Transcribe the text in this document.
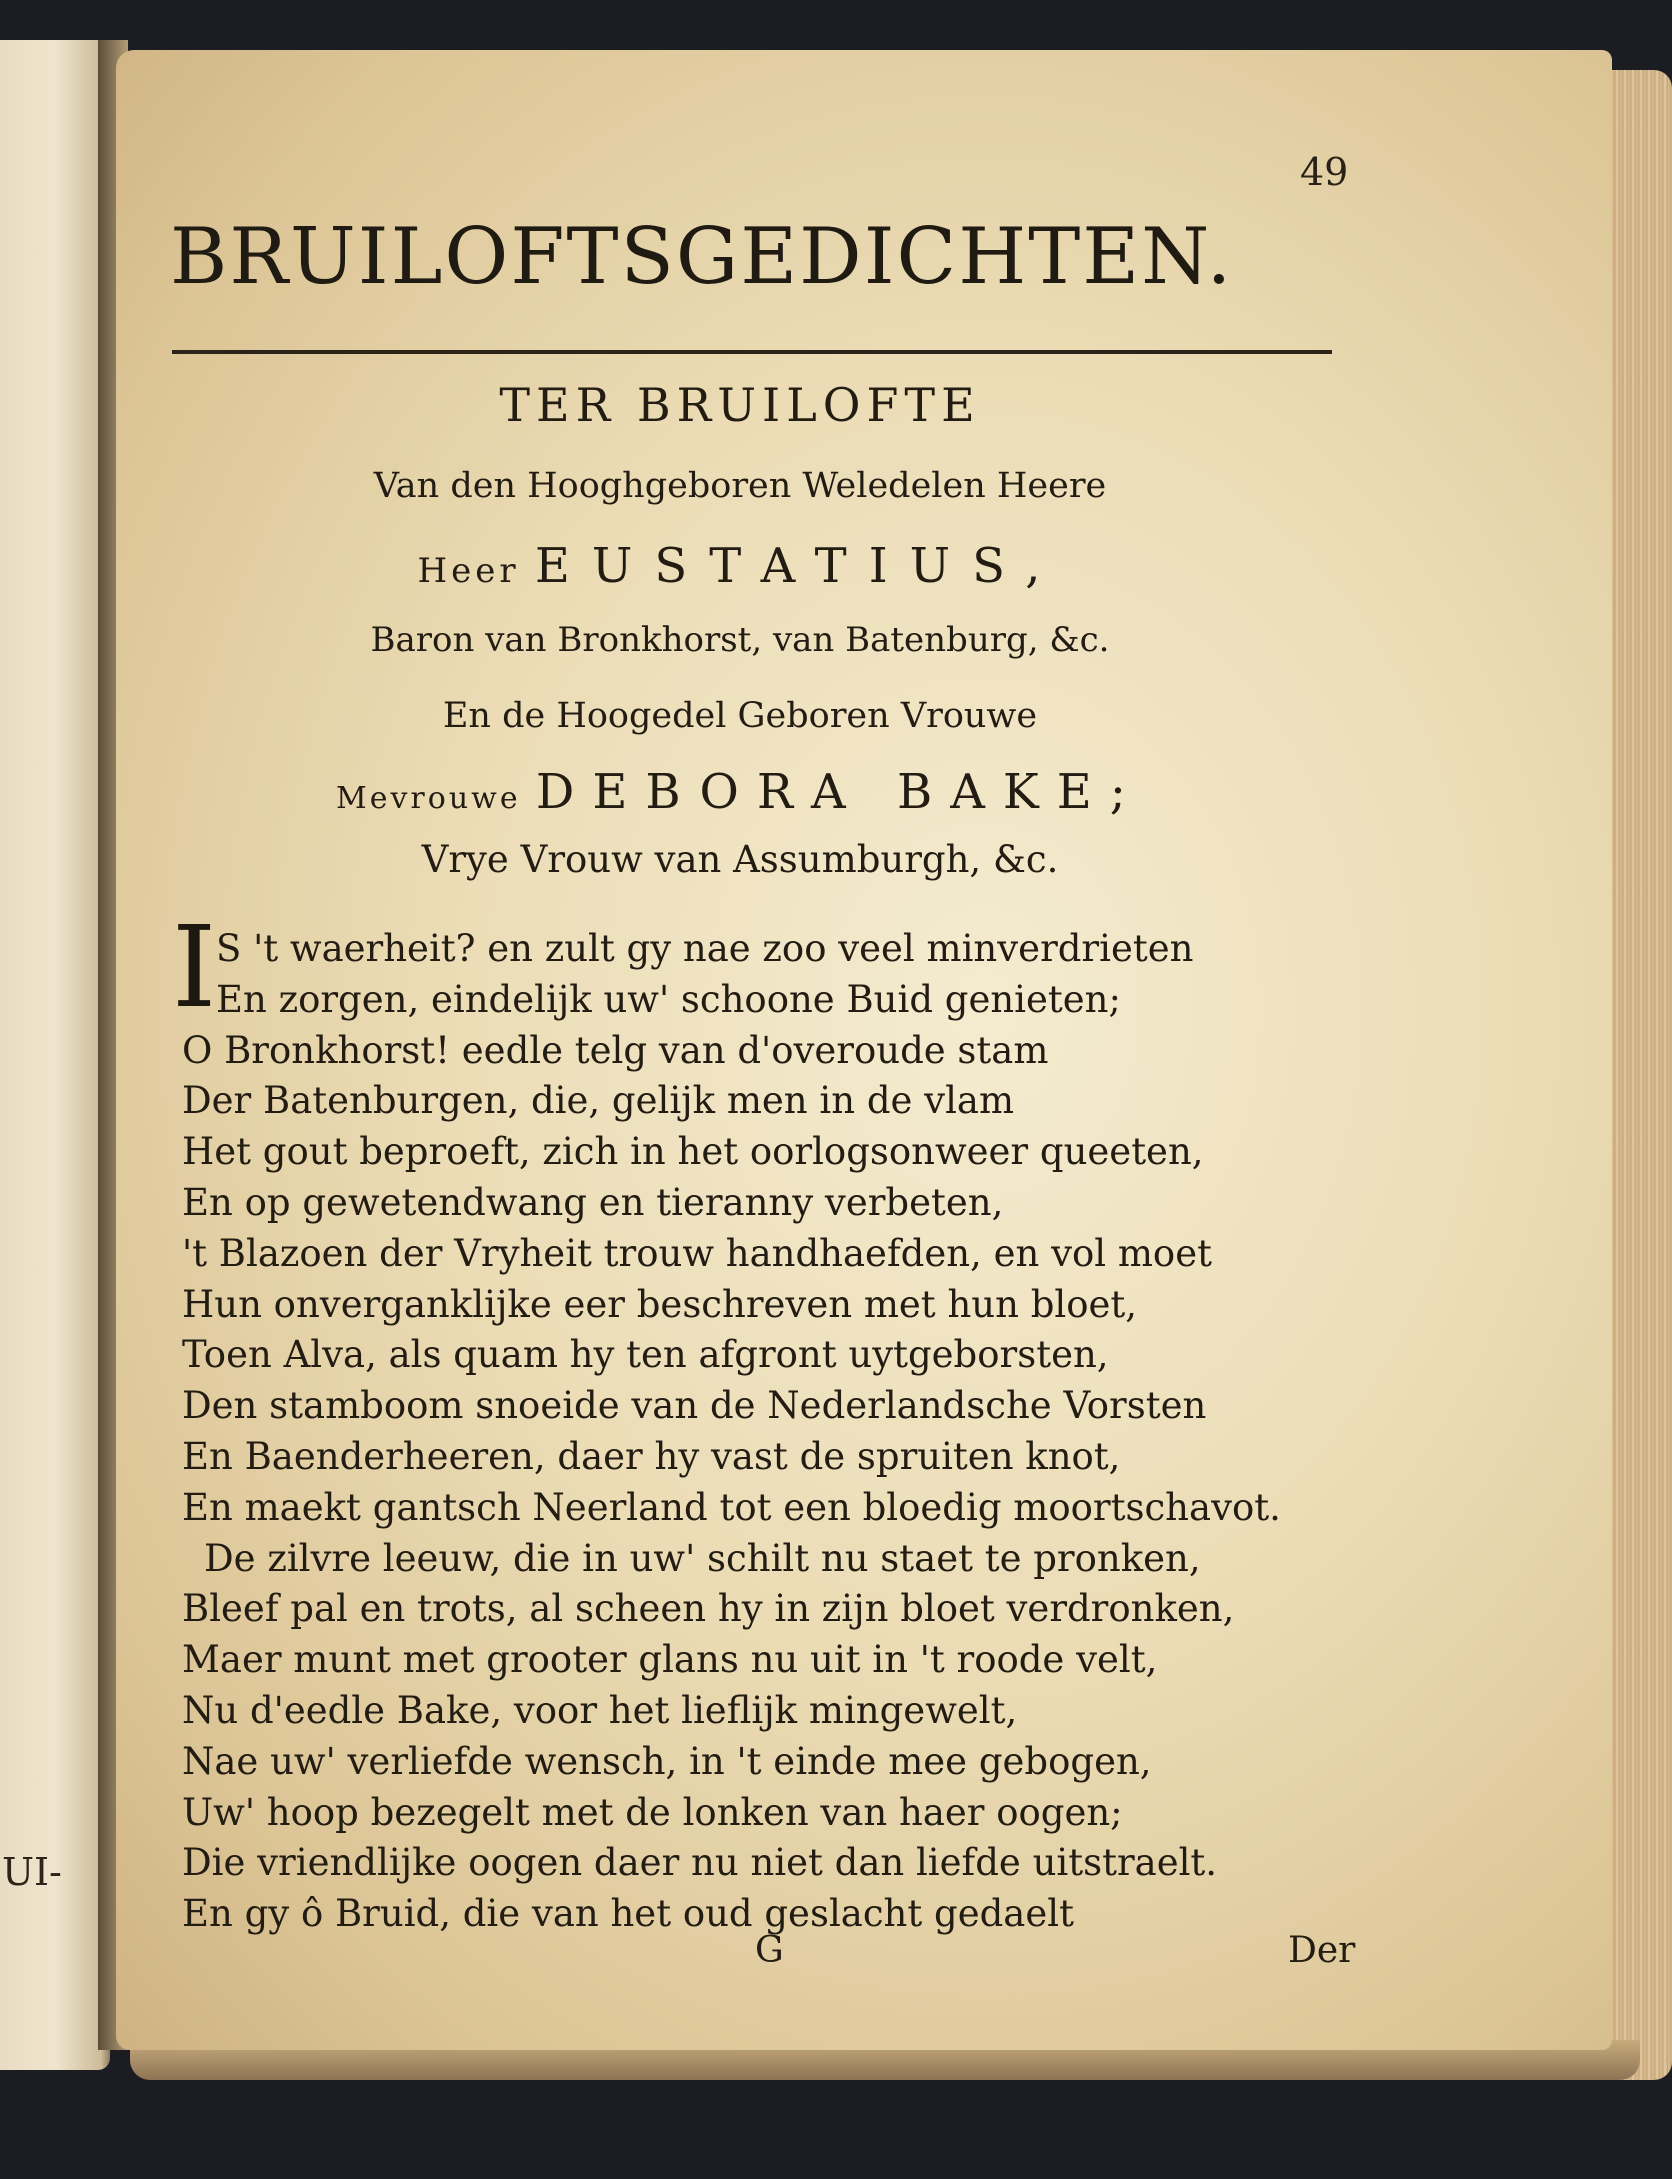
UI-
49
BRUILOFTSGEDICHTEN.
TER BRUILOFTE
Van den Hooghgeboren Weledelen Heere
Heer EUSTATIUS,
Baron van Bronkhorst, van Batenburg, &c.
En de Hoogedel Geboren Vrouwe
Mevrouwe DEBORA BAKE;
Vrye Vrouw van Assumburgh, &c.
I S 't waerheit? en zult gy nae zoo veel minverdrieten
En zorgen, eindelijk uw' schoone Buid genieten;
O Bronkhorst! eedle telg van d'overoude stam
Der Batenburgen, die, gelijk men in de vlam
Het gout beproeft, zich in het oorlogsonweer queeten,
En op gewetendwang en tieranny verbeten,
't Blazoen der Vryheit trouw handhaefden, en vol moet
Hun onverganklijke eer beschreven met hun bloet,
Toen Alva, als quam hy ten afgront uytgeborsten,
Den stamboom snoeide van de Nederlandsche Vorsten
En Baenderheeren, daer hy vast de spruiten knot,
En maekt gantsch Neerland tot een bloedig moortschavot.
De zilvre leeuw, die in uw' schilt nu staet te pronken,
Bleef pal en trots, al scheen hy in zijn bloet verdronken,
Maer munt met grooter glans nu uit in 't roode velt,
Nu d'eedle Bake, voor het lieflijk mingewelt,
Nae uw' verliefde wensch, in 't einde mee gebogen,
Uw' hoop bezegelt met de lonken van haer oogen;
Die vriendlijke oogen daer nu niet dan liefde uitstraelt.
En gy ô Bruid, die van het oud geslacht gedaelt
G	Der
